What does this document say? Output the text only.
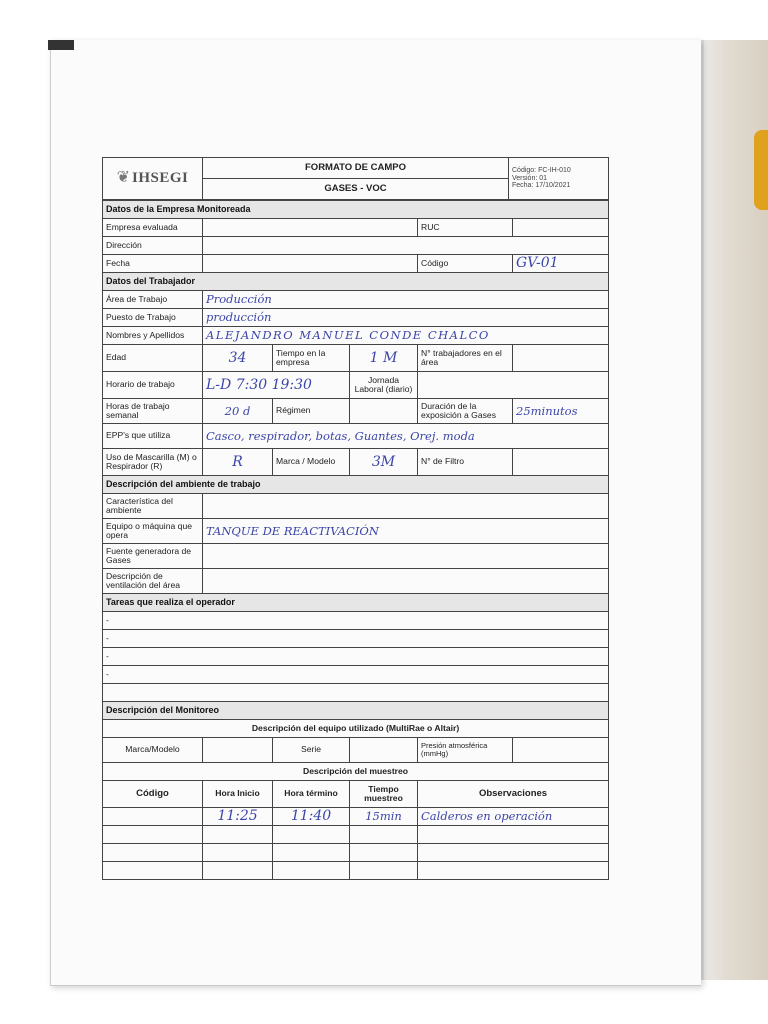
❦ IHSEGI
	FORMATO DE CAMPO	Código: FC-IH-010
Versión: 01
Fecha: 17/10/2021

GASES - VOC
Datos de la Empresa Monitoreada					
Empresa evaluada				RUC	
Dirección					
Fecha				Código	GV-01
Datos del Trabajador					
Área de Trabajo	Producción				
Puesto de Trabajo	producción				
Nombres y Apellidos	ALEJANDRO MANUEL CONDE CHALCO				
Edad	34	Tiempo en la empresa	1 M	N° trabajadores en el área	
Horario de trabajo	L-D 7:30 19:30		Jornada Laboral (diario)		
Horas de trabajo semanal	20 d	Régimen		Duración de la exposición a Gases	25minutos
EPP's que utiliza	Casco, respirador, botas, Guantes, Orej. moda				
Uso de Mascarilla (M) o Respirador (R)	R	Marca / Modelo	3M	N° de Filtro	
Descripción del ambiente de trabajo					
Característica del ambiente					
Equipo o máquina que opera	TANQUE DE REACTIVACIÓN				
Fuente generadora de Gases					
Descripción de ventilación del área					
Tareas que realiza el operador					
-					
-					
-					
-					

Descripción del Monitoreo					
Descripción del equipo utilizado (MultiRae o Altair)					
Marca/Modelo		Serie		Presión atmosférica (mmHg)	
Descripción del muestreo					
Código	Hora Inicio	Hora término	Tiempo muestreo	Observaciones	
	11:25	11:40	15min	Calderos en operación	
